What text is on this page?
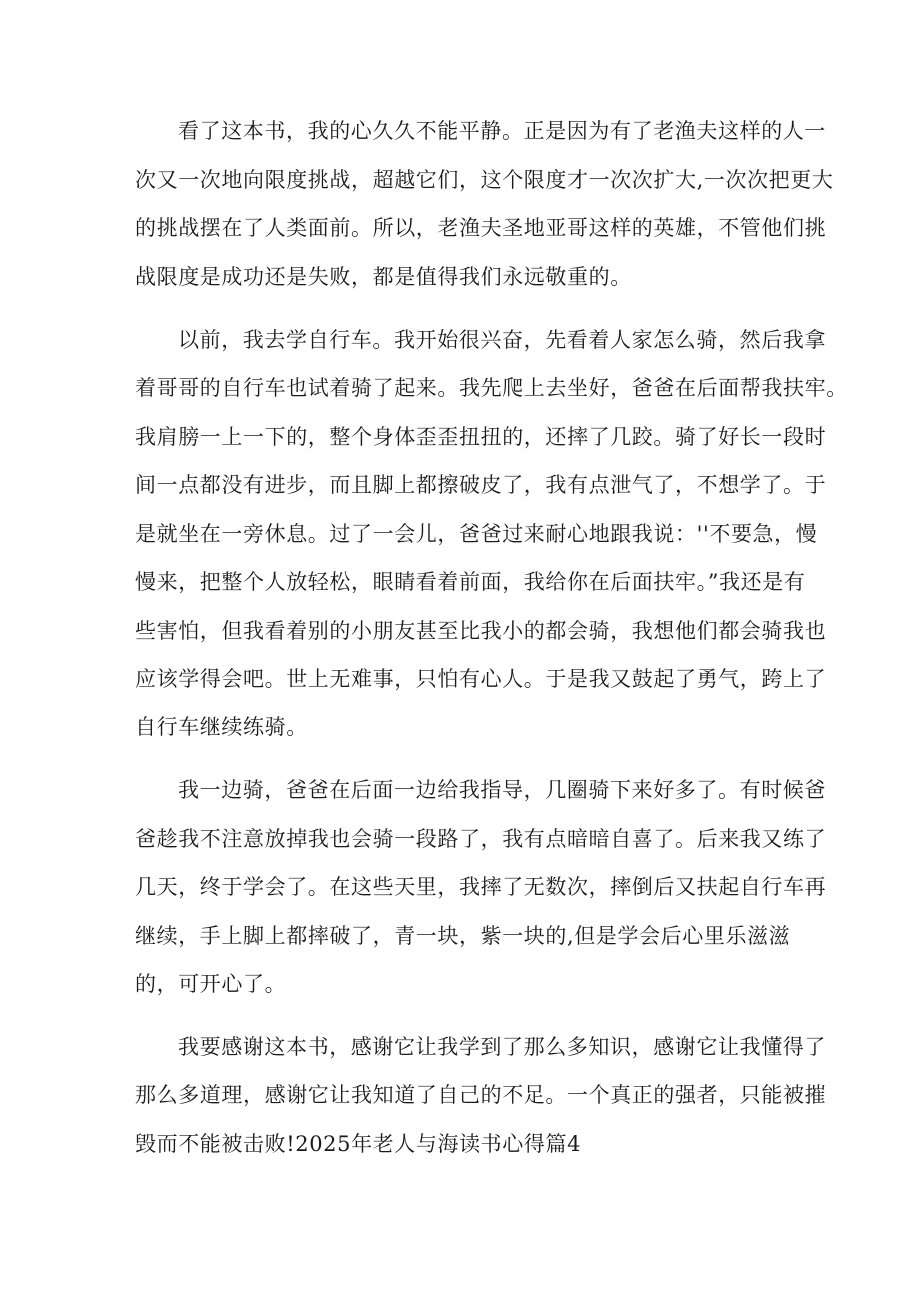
看了这本书，我的心久久不能平静。正是因为有了老渔夫这样的人一
次又一次地向限度挑战，超越它们，这个限度才一次次扩大,一次次把更大
的挑战摆在了人类面前。所以，老渔夫圣地亚哥这样的英雄，不管他们挑
战限度是成功还是失败，都是值得我们永远敬重的。
以前，我去学自行车。我开始很兴奋，先看着人家怎么骑，然后我拿
着哥哥的自行车也试着骑了起来。我先爬上去坐好，爸爸在后面帮我扶牢。
我肩膀一上一下的，整个身体歪歪扭扭的，还摔了几跤。骑了好长一段时
间一点都没有进步，而且脚上都擦破皮了，我有点泄气了，不想学了。于
是就坐在一旁休息。过了一会儿，爸爸过来耐心地跟我说：''不要急，慢
慢来，把整个人放轻松，眼睛看着前面，我给你在后面扶牢。”我还是有
些害怕，但我看着别的小朋友甚至比我小的都会骑，我想他们都会骑我也
应该学得会吧。世上无难事，只怕有心人。于是我又鼓起了勇气，跨上了
自行车继续练骑。
我一边骑，爸爸在后面一边给我指导，几圈骑下来好多了。有时候爸
爸趁我不注意放掉我也会骑一段路了，我有点暗暗自喜了。后来我又练了
几天，终于学会了。在这些天里，我摔了无数次，摔倒后又扶起自行车再
继续，手上脚上都摔破了，青一块，紫一块的,但是学会后心里乐滋滋
的，可开心了。
我要感谢这本书，感谢它让我学到了那么多知识，感谢它让我懂得了
那么多道理，感谢它让我知道了自己的不足。一个真正的强者，只能被摧
毁而不能被击败!2025年老人与海读书心得篇4
